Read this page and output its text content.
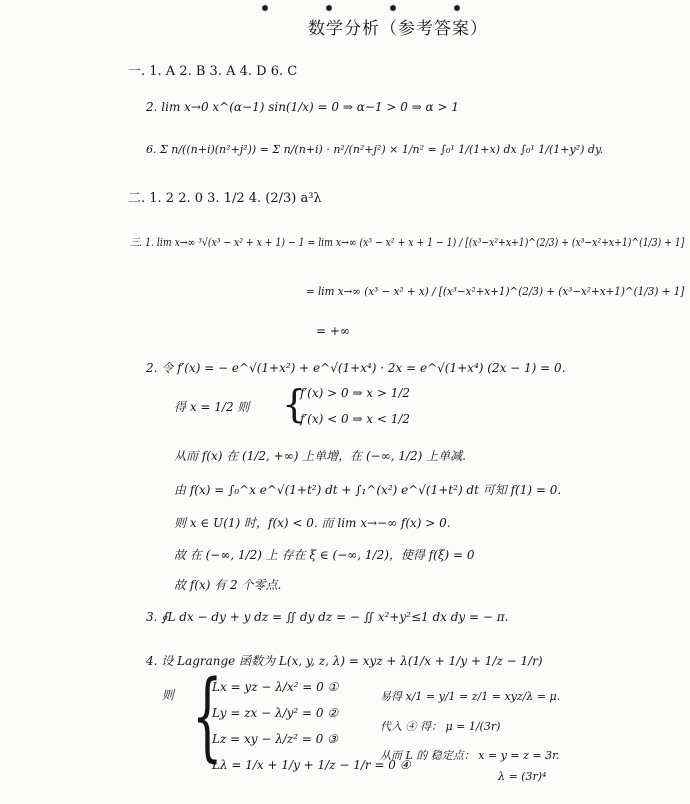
数学分析（参考答案）
一. 1. A 2. B 3. A 4. D 6. C
2. lim x→0 x^(α−1) sin(1/x) = 0 ⇒ α−1 > 0 ⇒ α > 1
6. Σ n/((n+i)(n²+j²)) = Σ n/(n+i) · n²/(n²+j²) × 1/n² = ∫₀¹ 1/(1+x) dx ∫₀¹ 1/(1+y²) dy.
二. 1. 2 2. 0 3. 1/2 4. (2/3) a³λ
三. 1. lim x→∞ ³√(x³ − x² + x + 1) − 1 = lim x→∞ (x³ − x² + x + 1 − 1) / [(x³−x²+x+1)^(2/3) + (x³−x²+x+1)^(1/3) + 1]
= lim x→∞ (x³ − x² + x) / [(x³−x²+x+1)^(2/3) + (x³−x²+x+1)^(1/3) + 1]
= +∞
2. 令 f′(x) = − e^√(1+x²) + e^√(1+x⁴) · 2x = e^√(1+x⁴) (2x − 1) = 0.
得 x = 1/2 则 {
f′(x) > 0 ⇒ x > 1/2
f′(x) < 0 ⇒ x < 1/2
从而 f(x) 在 (1/2, +∞) 上单增，在 (−∞, 1/2) 上单减.
由 f(x) = ∫₀^x e^√(1+t²) dt + ∫₁^(x²) e^√(1+t²) dt 可知 f(1) = 0.
则 x ∈ U(1) 时，f(x) < 0. 而 lim x→−∞ f(x) > 0.
故 在 (−∞, 1/2) 上 存在 ξ ∈ (−∞, 1/2)，使得 f(ξ) = 0
故 f(x) 有 2 个零点.
3. ∮L dx − dy + y dz = ∬ dy dz = − ∬ x²+y²≤1 dx dy = − π.
4. 设 Lagrange 函数为 L(x, y, z, λ) = xyz + λ(1/x + 1/y + 1/z − 1/r)
则 {
Lx = yz − λ/x² = 0 ①
Ly = zx − λ/y² = 0 ②
Lz = xy − λ/z² = 0 ③
Lλ = 1/x + 1/y + 1/z − 1/r = 0 ④
易得 x/1 = y/1 = z/1 = xyz/λ = μ.
代入 ④ 得： μ = 1/(3r)
从而 L 的 稳定点： x = y = z = 3r.
λ = (3r)⁴
